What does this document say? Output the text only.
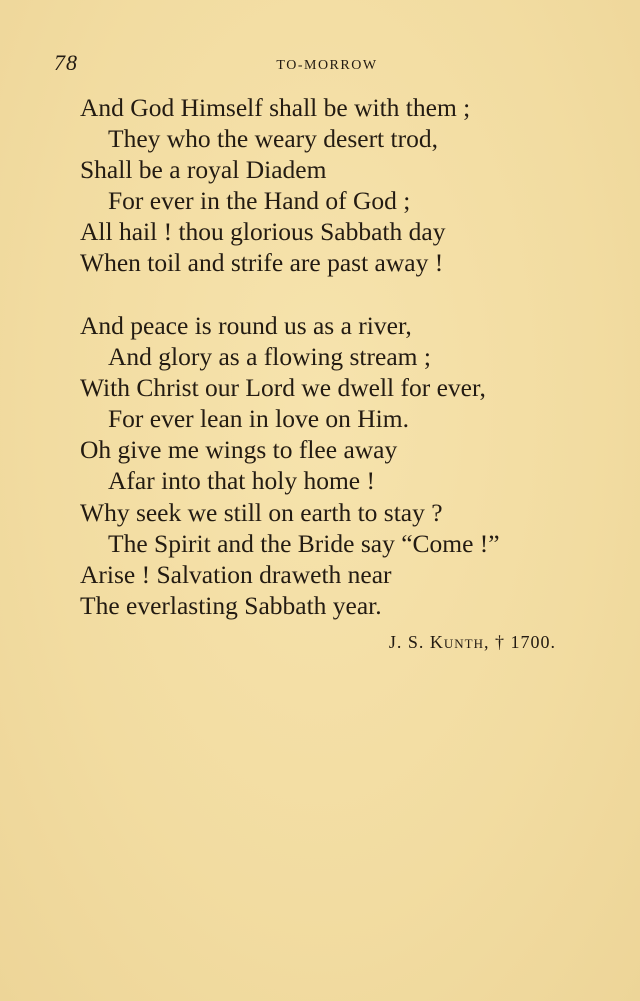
78	TO-MORROW
And God Himself shall be with them ;
They who the weary desert trod,
Shall be a royal Diadem
For ever in the Hand of God ;
All hail ! thou glorious Sabbath day
When toil and strife are past away !
And peace is round us as a river,
And glory as a flowing stream ;
With Christ our Lord we dwell for ever,
For ever lean in love on Him.
Oh give me wings to flee away
Afar into that holy home !
Why seek we still on earth to stay ?
The Spirit and the Bride say “Come !”
Arise ! Salvation draweth near
The everlasting Sabbath year.
J. S. Kunth, † 1700.
